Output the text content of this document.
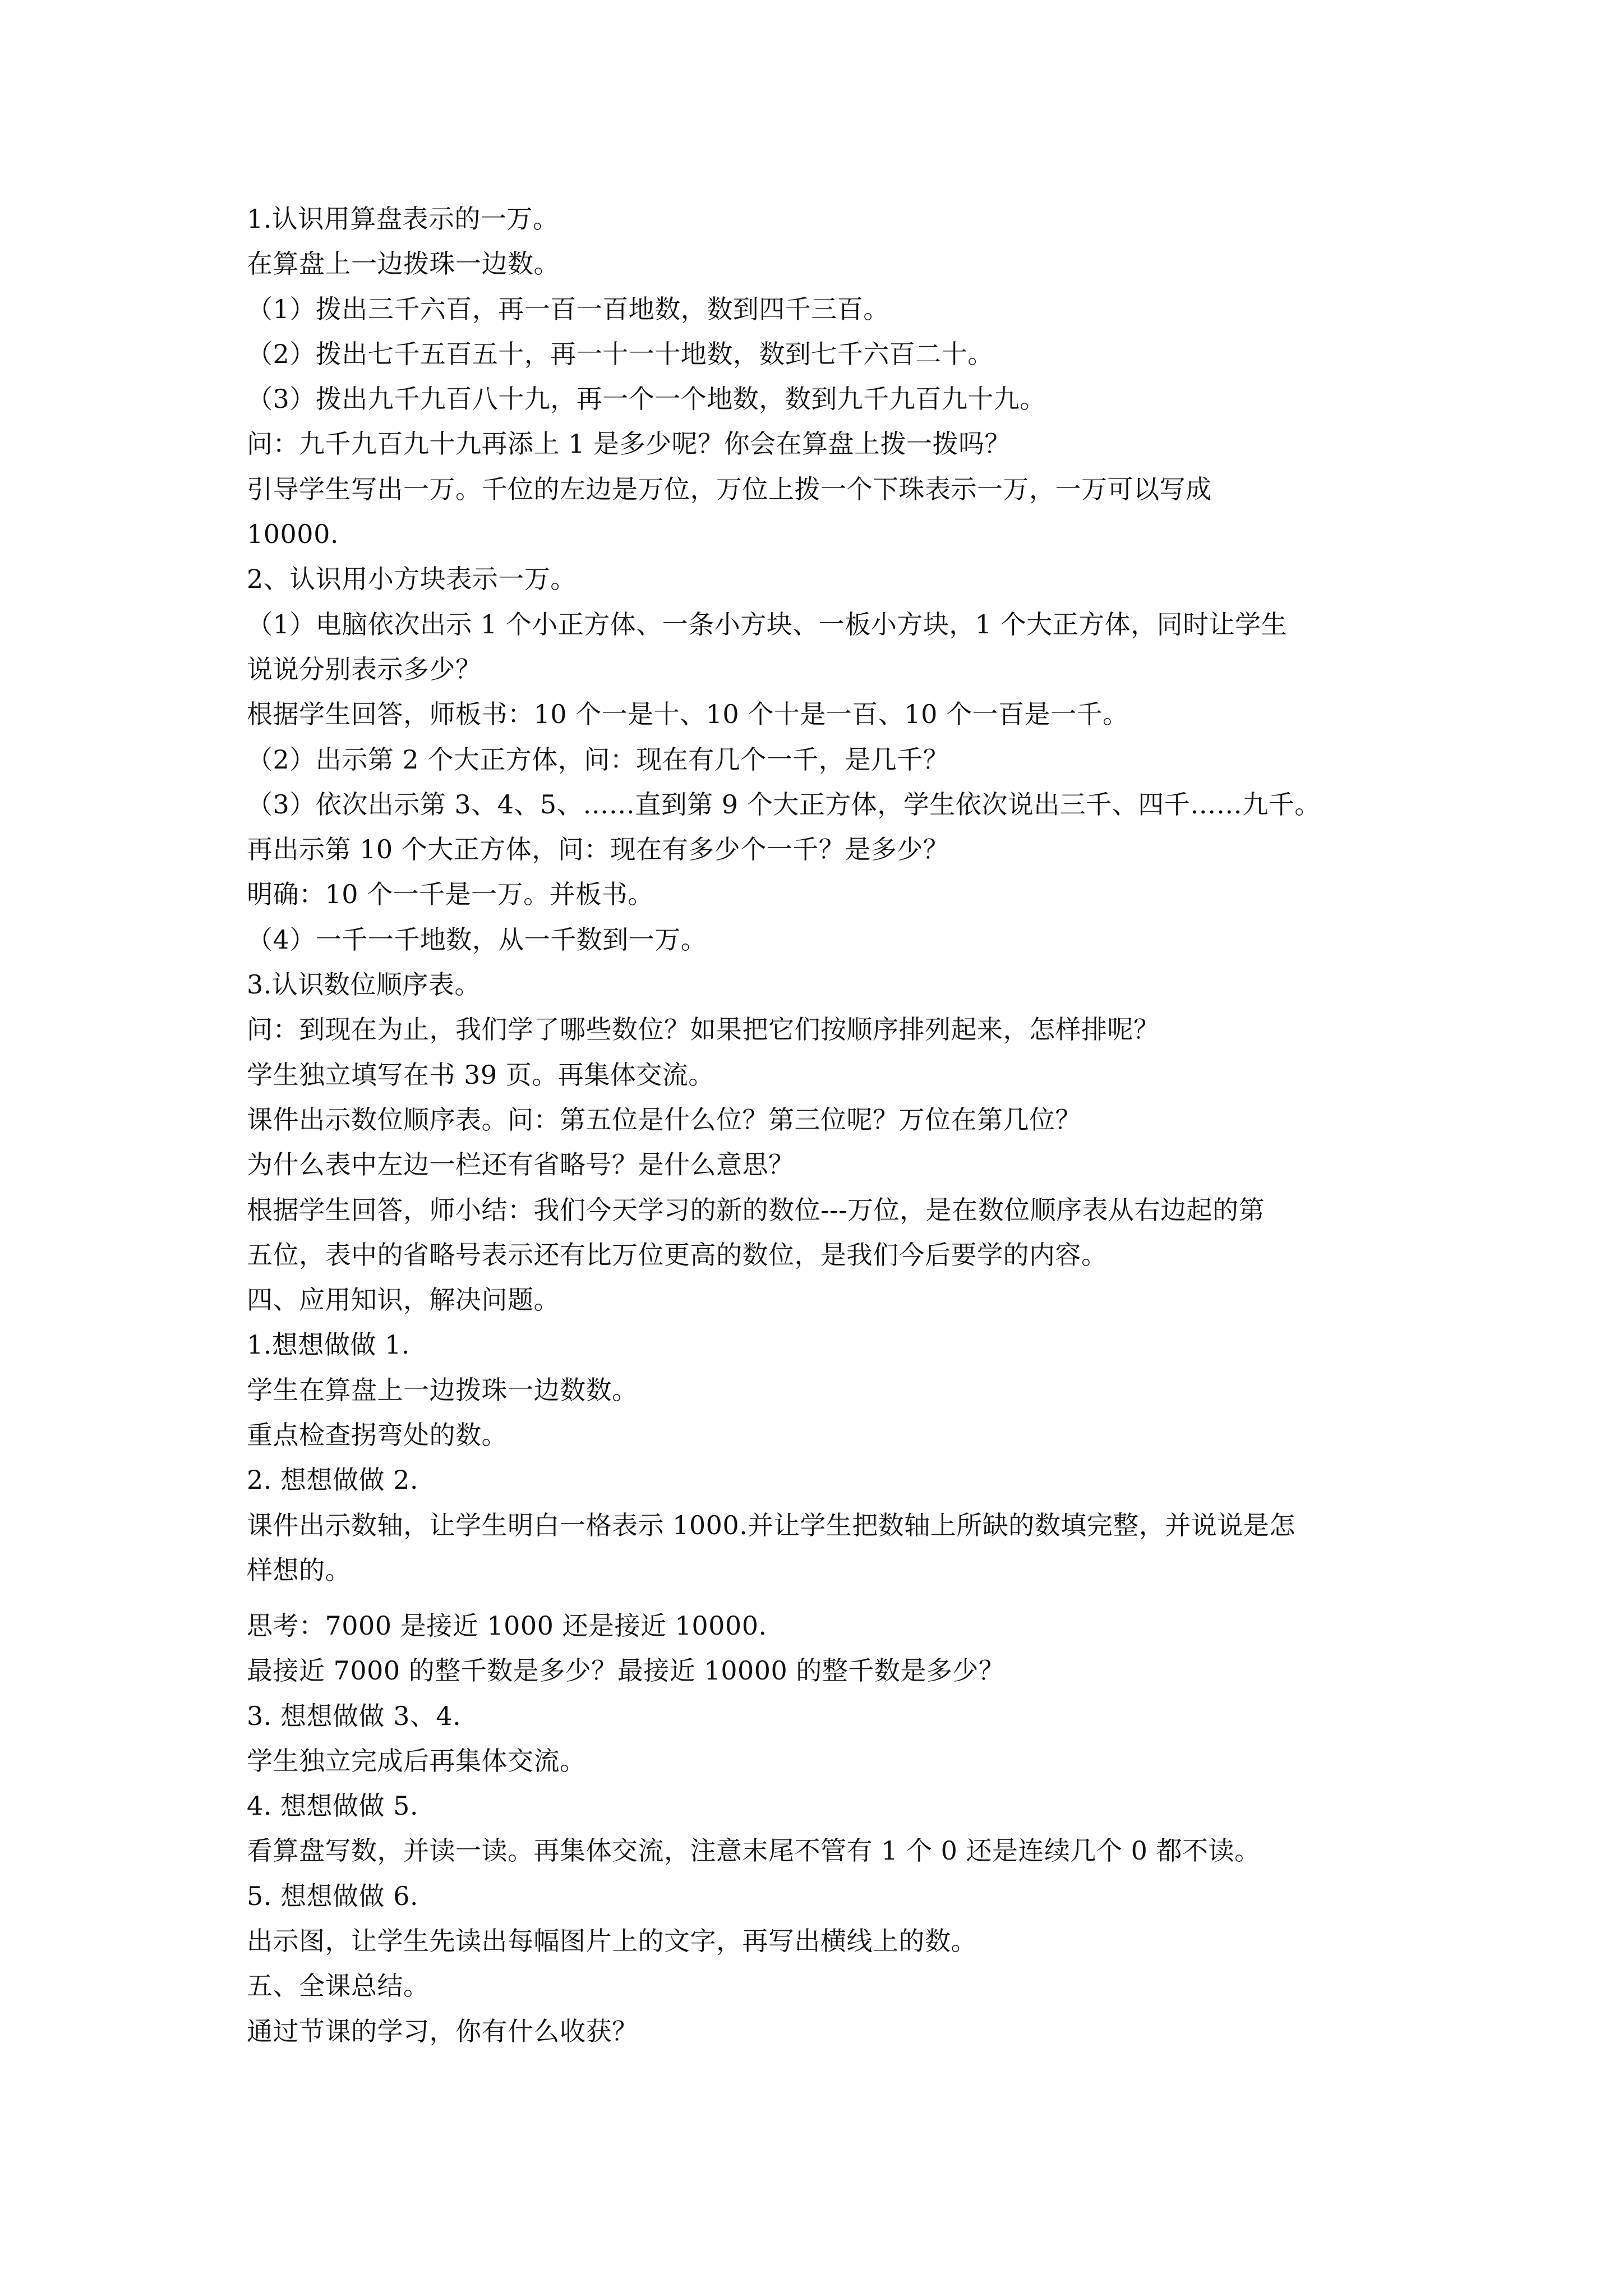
1.认识用算盘表示的一万。
在算盘上一边拨珠一边数。
（1）拨出三千六百，再一百一百地数，数到四千三百。
（2）拨出七千五百五十，再一十一十地数，数到七千六百二十。
（3）拨出九千九百八十九，再一个一个地数，数到九千九百九十九。
问：九千九百九十九再添上 1 是多少呢？你会在算盘上拨一拨吗？
引导学生写出一万。千位的左边是万位，万位上拨一个下珠表示一万，一万可以写成
10000.
2、认识用小方块表示一万。
（1）电脑依次出示 1 个小正方体、一条小方块、一板小方块，1 个大正方体，同时让学生
说说分别表示多少？
根据学生回答，师板书：10 个一是十、10 个十是一百、10 个一百是一千。
（2）出示第 2 个大正方体，问：现在有几个一千，是几千？
（3）依次出示第 3、4、5、……直到第 9 个大正方体，学生依次说出三千、四千……九千。
再出示第 10 个大正方体，问：现在有多少个一千？是多少？
明确：10 个一千是一万。并板书。
（4）一千一千地数，从一千数到一万。
3.认识数位顺序表。
问：到现在为止，我们学了哪些数位？如果把它们按顺序排列起来，怎样排呢？
学生独立填写在书 39 页。再集体交流。
课件出示数位顺序表。问：第五位是什么位？第三位呢？万位在第几位？
为什么表中左边一栏还有省略号？是什么意思？
根据学生回答，师小结：我们今天学习的新的数位---万位，是在数位顺序表从右边起的第
五位，表中的省略号表示还有比万位更高的数位，是我们今后要学的内容。
四、应用知识，解决问题。
1.想想做做 1.
学生在算盘上一边拨珠一边数数。
重点检查拐弯处的数。
2. 想想做做 2.
课件出示数轴，让学生明白一格表示 1000.并让学生把数轴上所缺的数填完整，并说说是怎
样想的。
思考：7000 是接近 1000 还是接近 10000.
最接近 7000 的整千数是多少？最接近 10000 的整千数是多少？
3. 想想做做 3、4.
学生独立完成后再集体交流。
4. 想想做做 5.
看算盘写数，并读一读。再集体交流，注意末尾不管有 1 个 0 还是连续几个 0 都不读。
5. 想想做做 6.
出示图，让学生先读出每幅图片上的文字，再写出横线上的数。
五、全课总结。
通过节课的学习，你有什么收获？
